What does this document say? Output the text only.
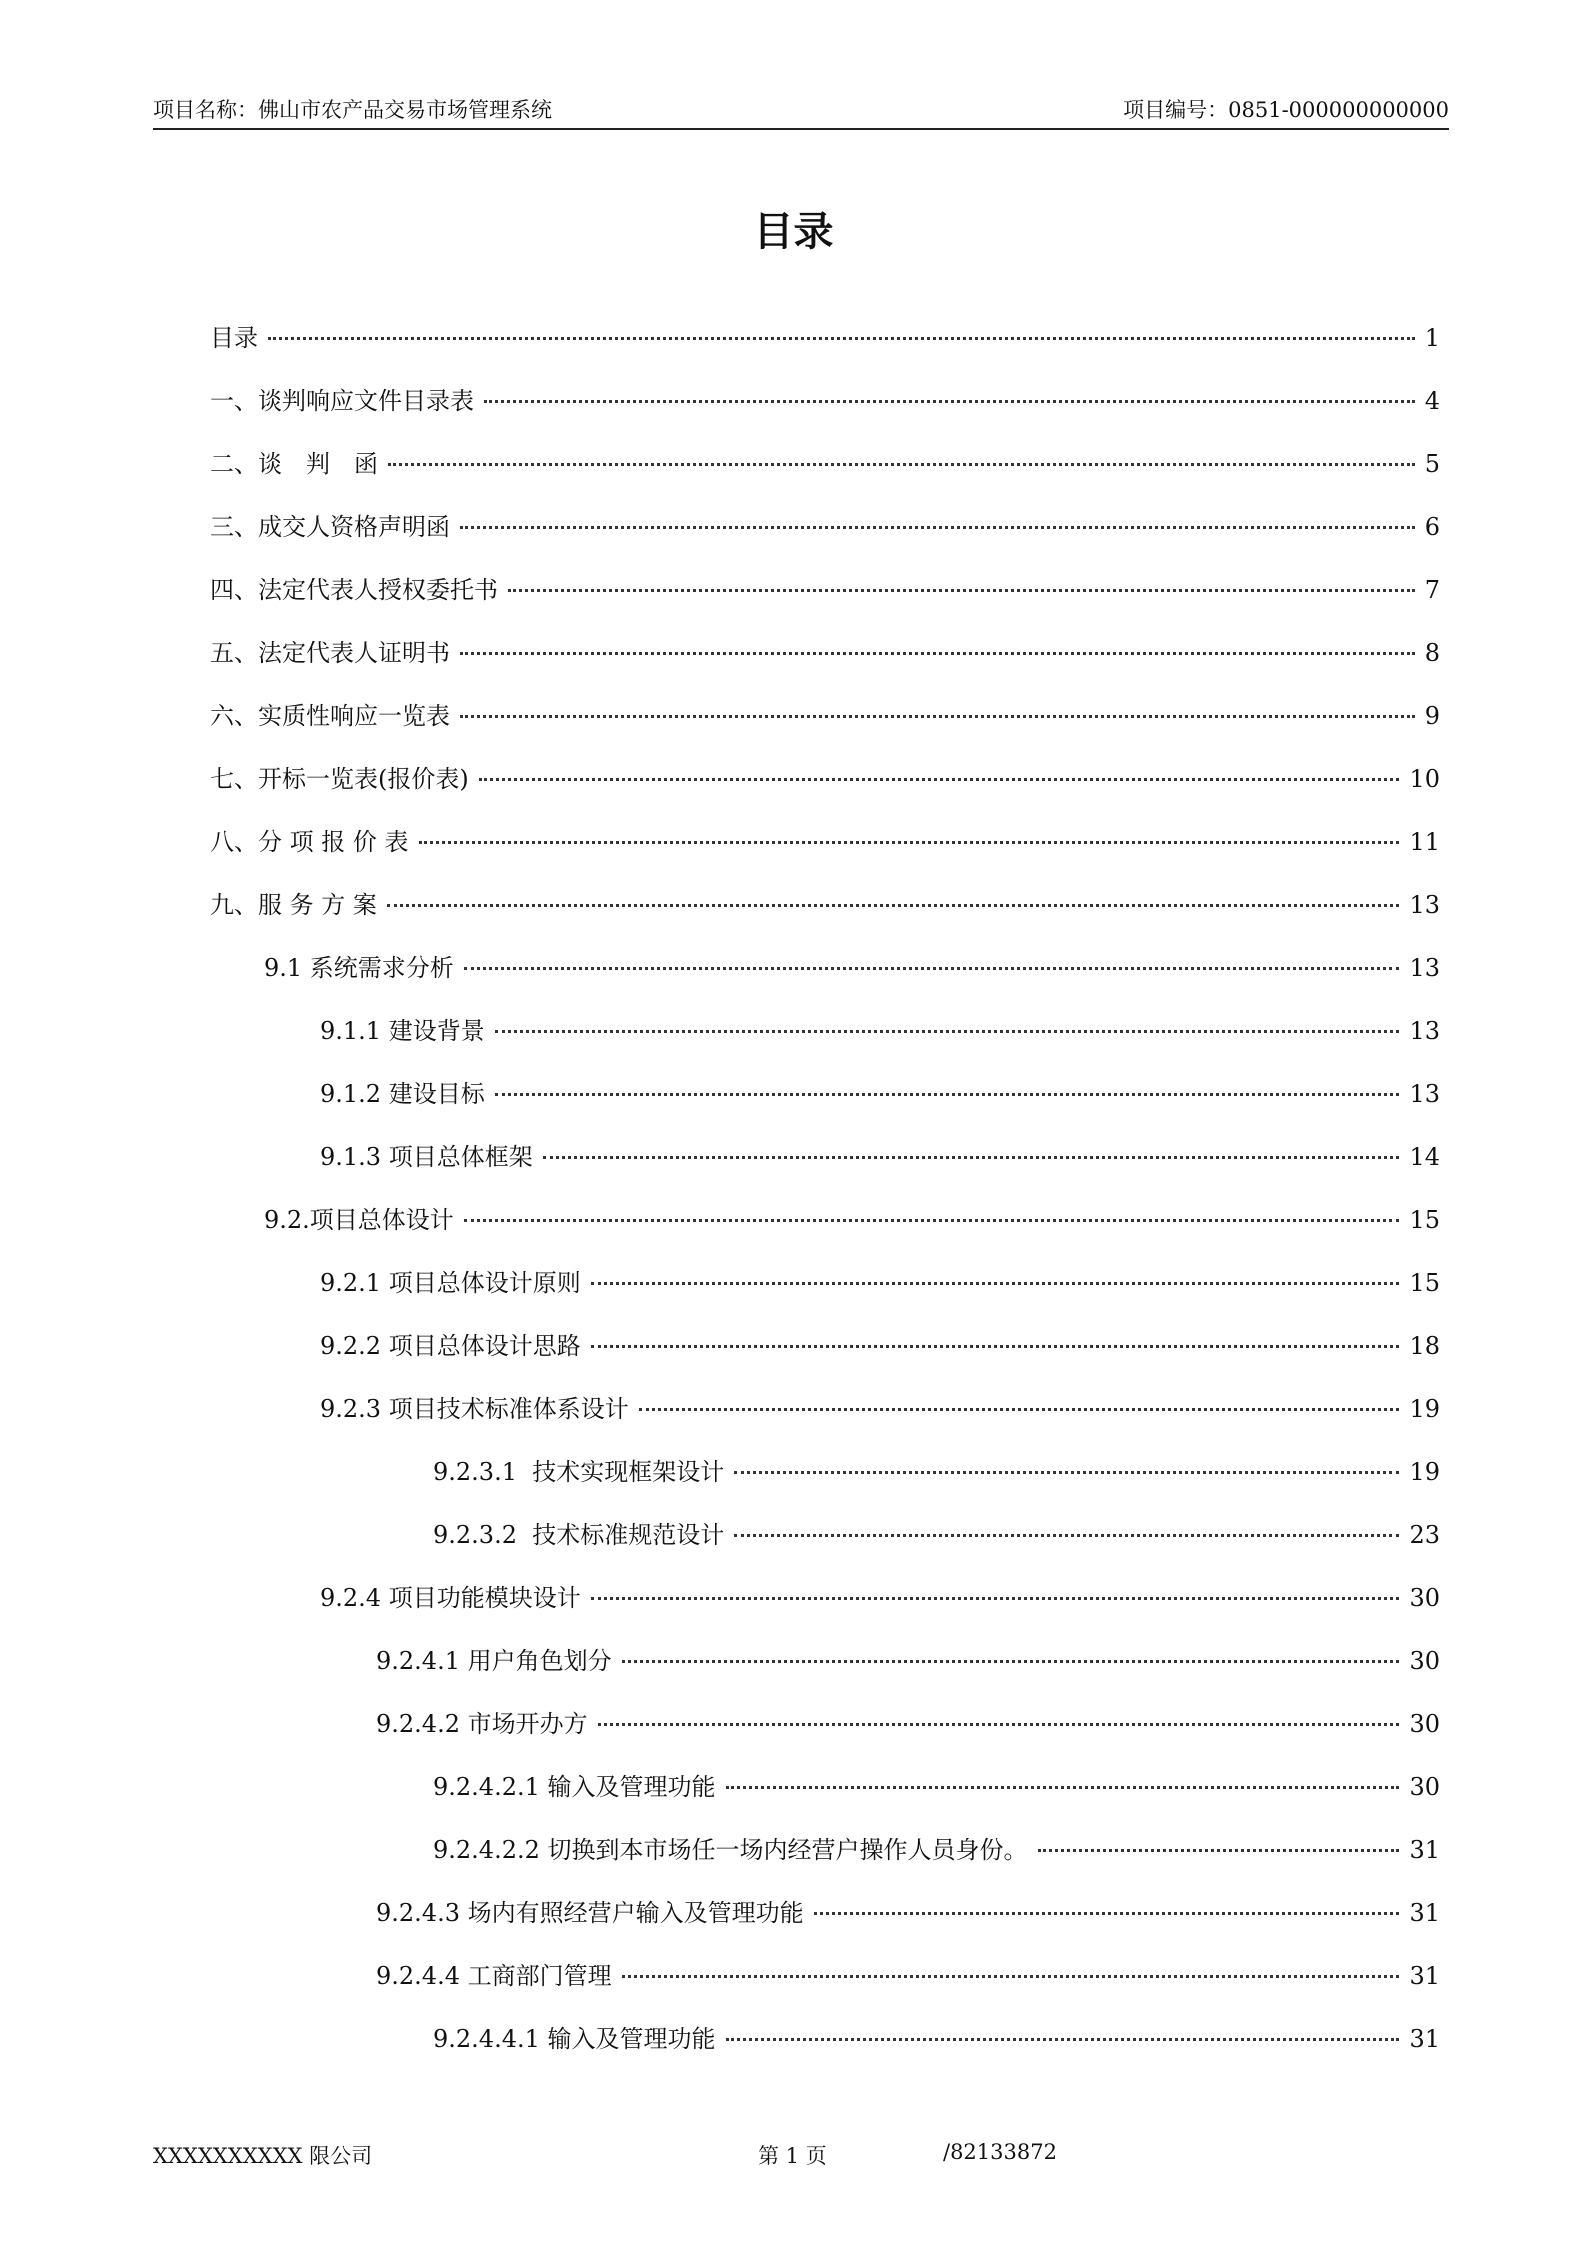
项目名称：佛山市农产品交易市场管理系统	项目编号：0851-000000000000
目录
目录	1
一、谈判响应文件目录表	4
二、谈　判　函	5
三、成交人资格声明函	6
四、法定代表人授权委托书	7
五、法定代表人证明书	8
六、实质性响应一览表	9
七、开标一览表(报价表)	10
八、分 项 报 价 表	11
九、服 务 方 案	13
9.1 系统需求分析	13
9.1.1 建设背景	13
9.1.2 建设目标	13
9.1.3 项目总体框架	14
9.2.项目总体设计	15
9.2.1 项目总体设计原则	15
9.2.2 项目总体设计思路	18
9.2.3 项目技术标准体系设计	19
9.2.3.1  技术实现框架设计	19
9.2.3.2  技术标准规范设计	23
9.2.4 项目功能模块设计	30
9.2.4.1 用户角色划分	30
9.2.4.2 市场开办方	30
9.2.4.2.1 输入及管理功能	30
9.2.4.2.2 切换到本市场任一场内经营户操作人员身份。	31
9.2.4.3 场内有照经营户输入及管理功能	31
9.2.4.4 工商部门管理	31
9.2.4.4.1 输入及管理功能	31
XXXXXXXXXX 限公司	第 1 页	/82133872
